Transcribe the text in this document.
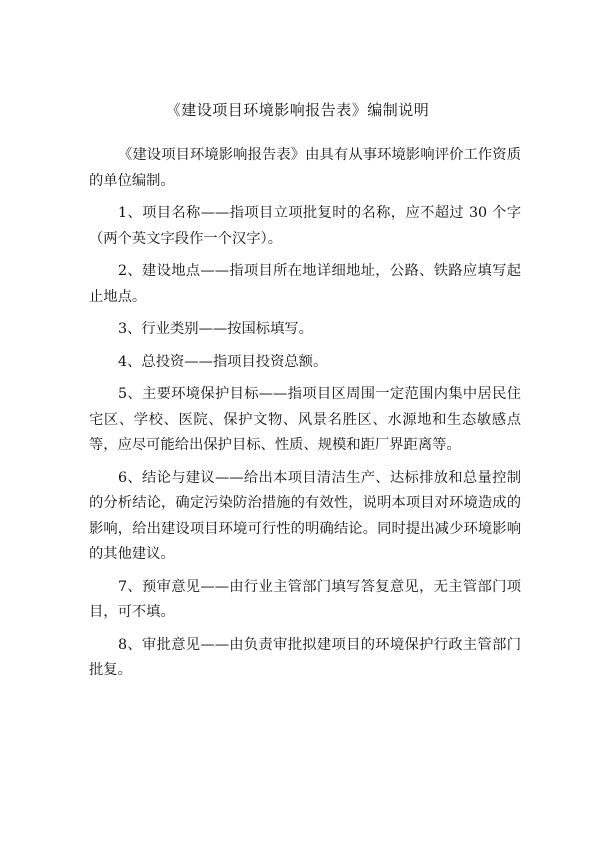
《建设项目环境影响报告表》编制说明

《建设项目环境影响报告表》由具有从事环境影响评价工作资质的单位编制。

1、项目名称——指项目立项批复时的名称，应不超过 30 个字（两个英文字段作一个汉字）。

2、建设地点——指项目所在地详细地址，公路、铁路应填写起止地点。

3、行业类别——按国标填写。

4、总投资——指项目投资总额。

5、主要环境保护目标——指项目区周围一定范围内集中居民住宅区、学校、医院、保护文物、风景名胜区、水源地和生态敏感点等，应尽可能给出保护目标、性质、规模和距厂界距离等。

6、结论与建议——给出本项目清洁生产、达标排放和总量控制的分析结论，确定污染防治措施的有效性，说明本项目对环境造成的影响，给出建设项目环境可行性的明确结论。同时提出减少环境影响的其他建议。

7、预审意见——由行业主管部门填写答复意见，无主管部门项目，可不填。

8、审批意见——由负责审批拟建项目的环境保护行政主管部门批复。
